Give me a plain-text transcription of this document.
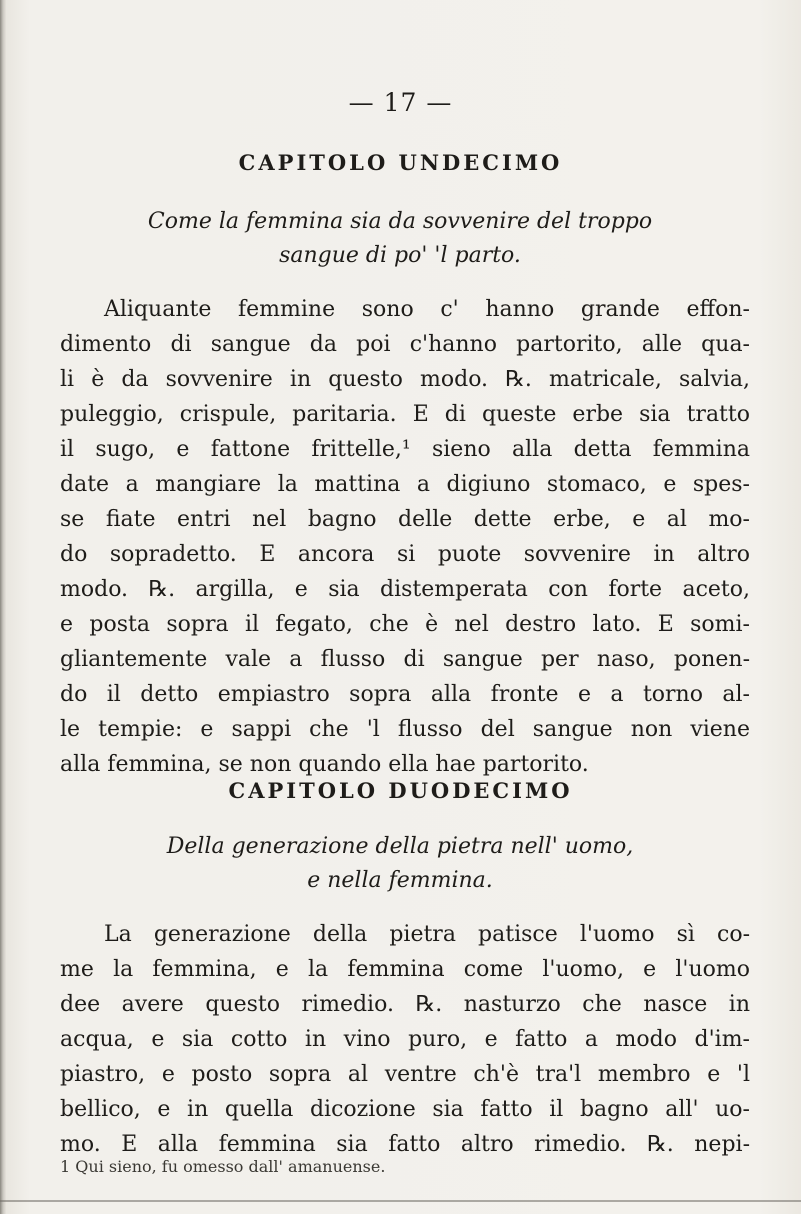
— 17 —
CAPITOLO UNDECIMO
Come la femmina sia da sovvenire del troppo
sangue di po' 'l parto.
Aliquante femmine sono c' hanno grande effon-
dimento di sangue da poi c'hanno partorito, alle qua-
li è da sovvenire in questo modo. ℞. matricale, salvia,
puleggio, crispule, paritaria. E di queste erbe sia tratto
il sugo, e fattone frittelle,¹ sieno alla detta femmina
date a mangiare la mattina a digiuno stomaco, e spes-
se fiate entri nel bagno delle dette erbe, e al mo-
do sopradetto. E ancora si puote sovvenire in altro
modo. ℞. argilla, e sia distemperata con forte aceto,
e posta sopra il fegato, che è nel destro lato. E somi-
gliantemente vale a flusso di sangue per naso, ponen-
do il detto empiastro sopra alla fronte e a torno al-
le tempie: e sappi che 'l flusso del sangue non viene
alla femmina, se non quando ella hae partorito.
CAPITOLO DUODECIMO
Della generazione della pietra nell' uomo,
e nella femmina.
La generazione della pietra patisce l'uomo sì co-
me la femmina, e la femmina come l'uomo, e l'uomo
dee avere questo rimedio. ℞. nasturzo che nasce in
acqua, e sia cotto in vino puro, e fatto a modo d'im-
piastro, e posto sopra al ventre ch'è tra'l membro e 'l
bellico, e in quella dicozione sia fatto il bagno all' uo-
mo. E alla femmina sia fatto altro rimedio. ℞. nepi-
1 Qui sieno, fu omesso dall' amanuense.
